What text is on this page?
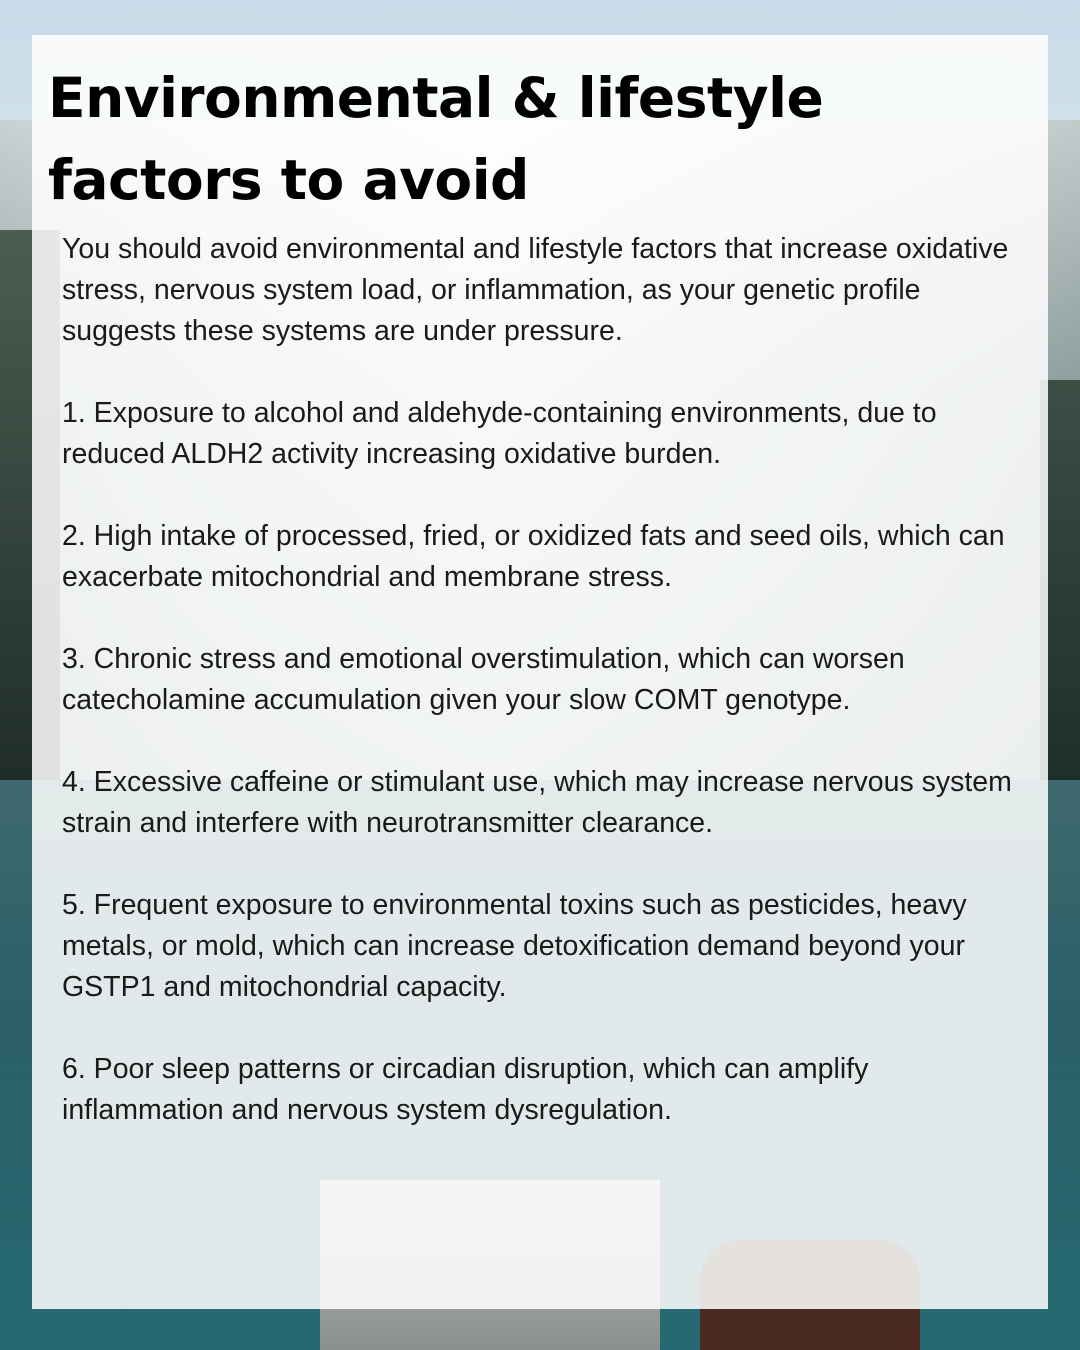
Environmental & lifestyle factors to avoid

You should avoid environmental and lifestyle factors that increase oxidative stress, nervous system load, or inflammation, as your genetic profile suggests these systems are under pressure.

1. Exposure to alcohol and aldehyde-containing environments, due to reduced ALDH2 activity increasing oxidative burden.

2. High intake of processed, fried, or oxidized fats and seed oils, which can exacerbate mitochondrial and membrane stress.

3. Chronic stress and emotional overstimulation, which can worsen catecholamine accumulation given your slow COMT genotype.

4. Excessive caffeine or stimulant use, which may increase nervous system strain and interfere with neurotransmitter clearance.

5. Frequent exposure to environmental toxins such as pesticides, heavy metals, or mold, which can increase detoxification demand beyond your GSTP1 and mitochondrial capacity.

6. Poor sleep patterns or circadian disruption, which can amplify inflammation and nervous system dysregulation.
